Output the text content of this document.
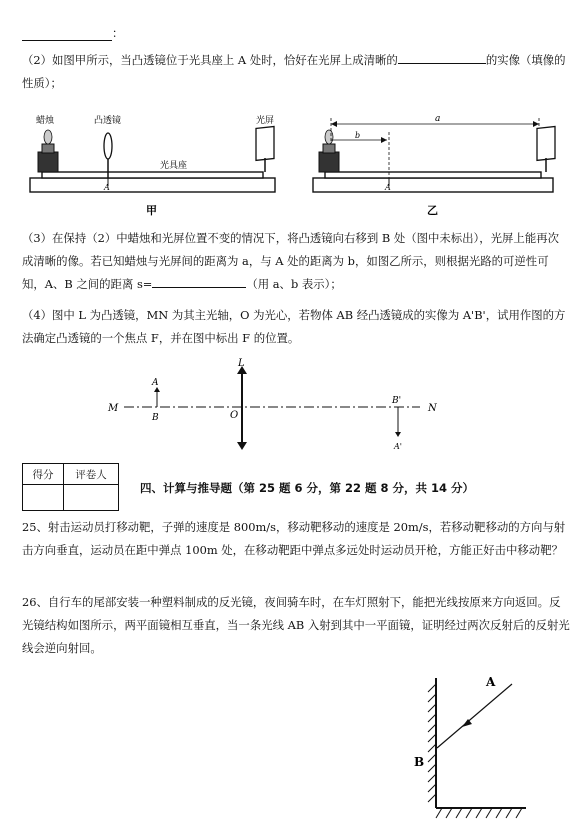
：

（2）如图甲所示，当凸透镜位于光具座上 A 处时，恰好在光屏上成清晰的	的实像（填像的性质）；

蜡烛	凸透镜	光屏
光具座
A
甲
a
b
A
乙

（3）在保持（2）中蜡烛和光屏位置不变的情况下，将凸透镜向右移到 B 处（图中未标出），光屏上能再次成清晰的像。若已知蜡烛与光屏间的距离为 a，与 A 处的距离为 b，如图乙所示，则根据光路的可逆性可知，A、B 之间的距离 s=	（用 a、b 表示）；

（4）图中 L 为凸透镜，MN 为其主光轴，O 为光心，若物体 AB 经凸透镜成的实像为 A'B'，试用作图的方法确定凸透镜的一个焦点 F，并在图中标出 F 的位置。

L
M	N
O
A
B
B'
A'
得分	评卷人

四、计算与推导题（第 25 题 6 分，第 22 题 8 分，共 14 分）

25、射击运动员打移动靶，子弹的速度是 800m/s，移动靶移动的速度是 20m/s，若移动靶移动的方向与射击方向垂直，运动员在距中弹点 100m 处，在移动靶距中弹点多远处时运动员开枪，方能正好击中移动靶？

26、自行车的尾部安装一种塑料制成的反光镜，夜间骑车时，在车灯照射下，能把光线按原来方向返回。反光镜结构如图所示，两平面镜相互垂直，当一条光线 AB 入射到其中一平面镜，证明经过两次反射后的反射光线会逆向射回。

A
B
